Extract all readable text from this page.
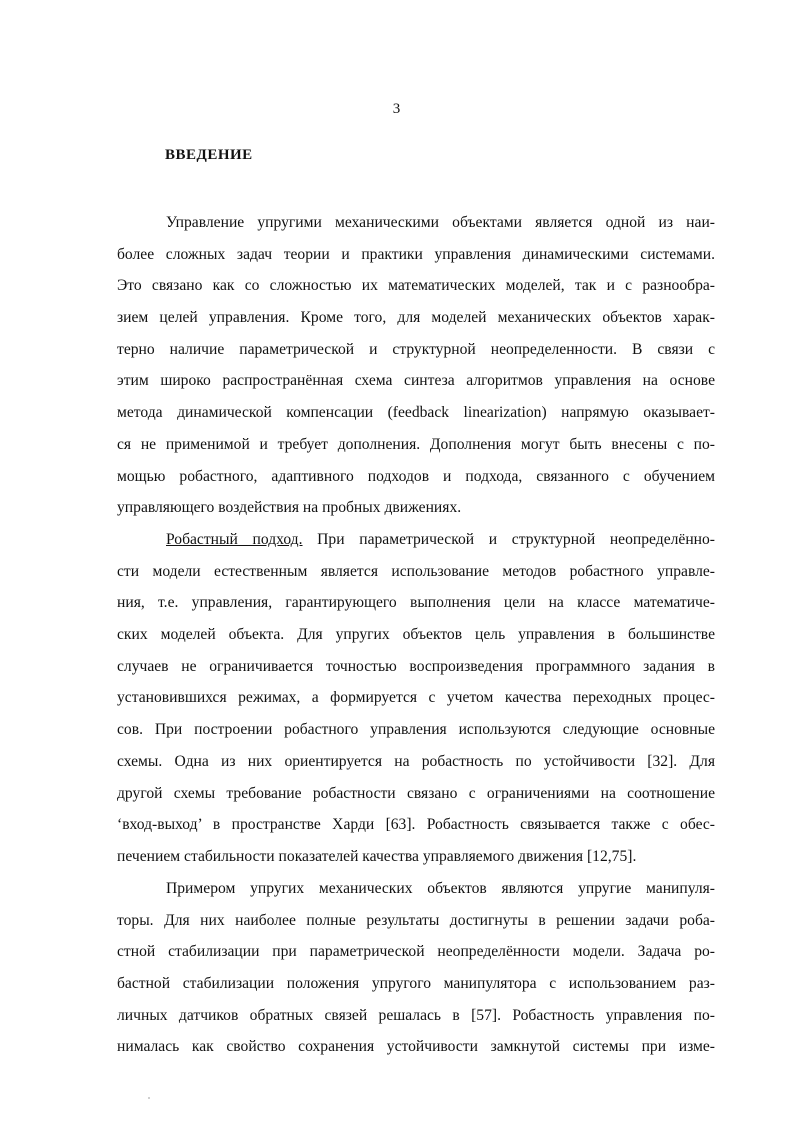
3
ВВЕДЕНИЕ
Управление упругими механическими объектами является одной из наи-
более сложных задач теории и практики управления динамическими системами.
Это связано как со сложностью их математических моделей, так и с разнообра-
зием целей управления. Кроме того, для моделей механических объектов харак-
терно наличие параметрической и структурной неопределенности. В связи с
этим широко распространённая схема синтеза алгоритмов управления на основе
метода динамической компенсации (feedback linearization) напрямую оказывает-
ся не применимой и требует дополнения. Дополнения могут быть внесены с по-
мощью робастного, адаптивного подходов и подхода, связанного с обучением
управляющего воздействия на пробных движениях.
Робастный подход. При параметрической и структурной неопределённо-
сти модели естественным является использование методов робастного управле-
ния, т.е. управления, гарантирующего выполнения цели на классе математиче-
ских моделей объекта. Для упругих объектов цель управления в большинстве
случаев не ограничивается точностью воспроизведения программного задания в
установившихся режимах, а формируется с учетом качества переходных процес-
сов. При построении робастного управления используются следующие основные
схемы. Одна из них ориентируется на робастность по устойчивости [32]. Для
другой схемы требование робастности связано с ограничениями на соотношение
‘вход-выход’ в пространстве Харди [63]. Робастность связывается также с обес-
печением стабильности показателей качества управляемого движения [12,75].
Примером упругих механических объектов являются упругие манипуля-
торы. Для них наиболее полные результаты достигнуты в решении задачи роба-
стной стабилизации при параметрической неопределённости модели. Задача ро-
бастной стабилизации положения упругого манипулятора с использованием раз-
личных датчиков обратных связей решалась в [57]. Робастность управления по-
нималась как свойство сохранения устойчивости замкнутой системы при изме-
